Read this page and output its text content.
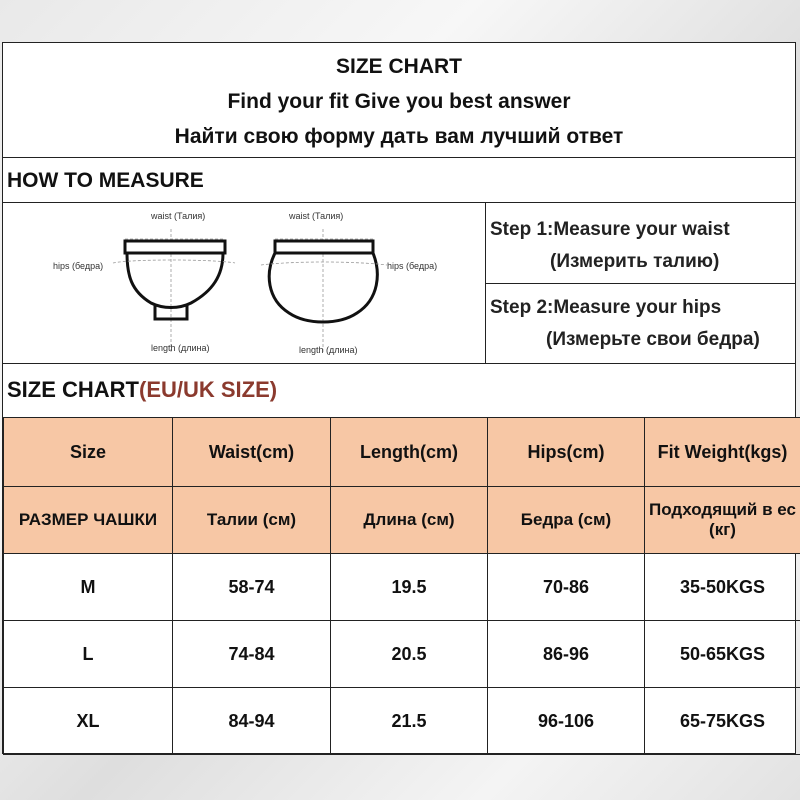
SIZE CHART
Find your fit Give you best answer
Найти свою форму дать вам лучший ответ
HOW TO MEASURE
waist (Талия)
hips (бедра)
length (длина)
waist (Талия)
hips (бедра)
length (длина)
Step 1:Measure your waist
(Измерить талию)
Step 2:Measure your hips
(Измерьте свои бедра)
SIZE CHART(EU/UK SIZE)
Size	Waist(cm)	Length(cm)	Hips(cm)	Fit Weight(kgs)
РАЗМЕР ЧАШКИ	Талии (см)	Длина (см)	Бедра (см)	Подходящий в ес (кг)
M	58-74	19.5	70-86	35-50KGS
L	74-84	20.5	86-96	50-65KGS
XL	84-94	21.5	96-106	65-75KGS
